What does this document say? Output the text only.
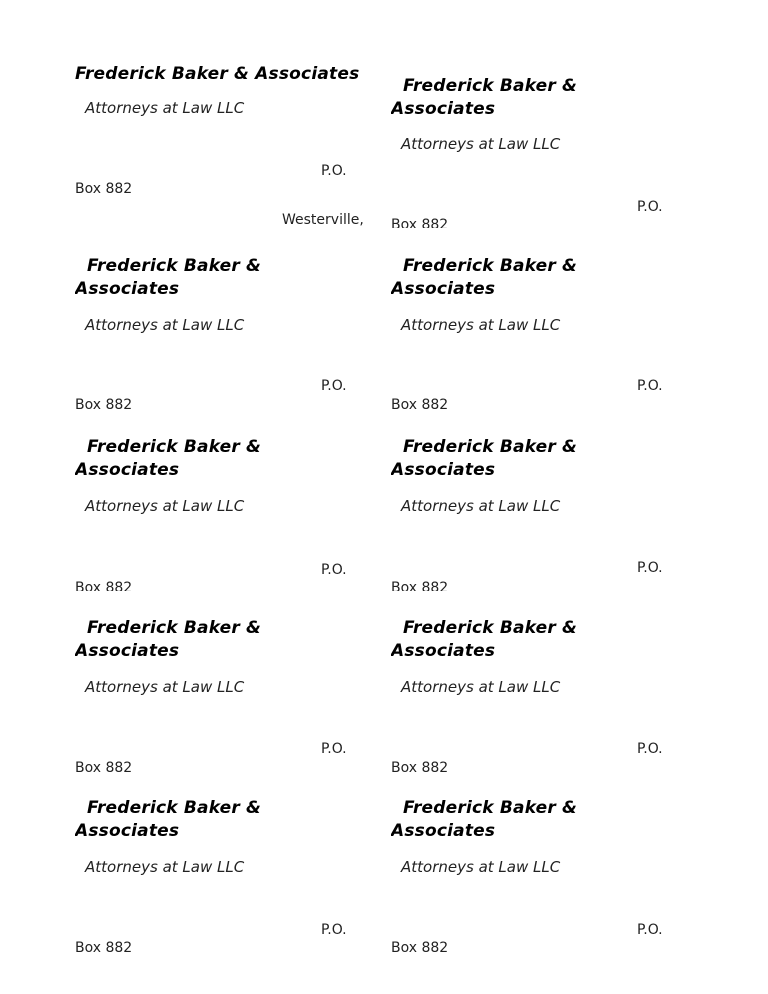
Frederick Baker & Associates

Attorneys at Law LLC
P.O.
Box 882
Westerville,

Frederick Baker & Associates

Attorneys at Law LLC
P.O.
Box 882

Frederick Baker & Associates

Attorneys at Law LLC
P.O.
Box 882

Frederick Baker & Associates

Attorneys at Law LLC
P.O.
Box 882

Frederick Baker & Associates

Attorneys at Law LLC
P.O.
Box 882

Frederick Baker & Associates

Attorneys at Law LLC
P.O.
Box 882

Frederick Baker & Associates

Attorneys at Law LLC
P.O.
Box 882

Frederick Baker & Associates

Attorneys at Law LLC
P.O.
Box 882

Frederick Baker & Associates

Attorneys at Law LLC
P.O.
Box 882

Frederick Baker & Associates

Attorneys at Law LLC
P.O.
Box 882
